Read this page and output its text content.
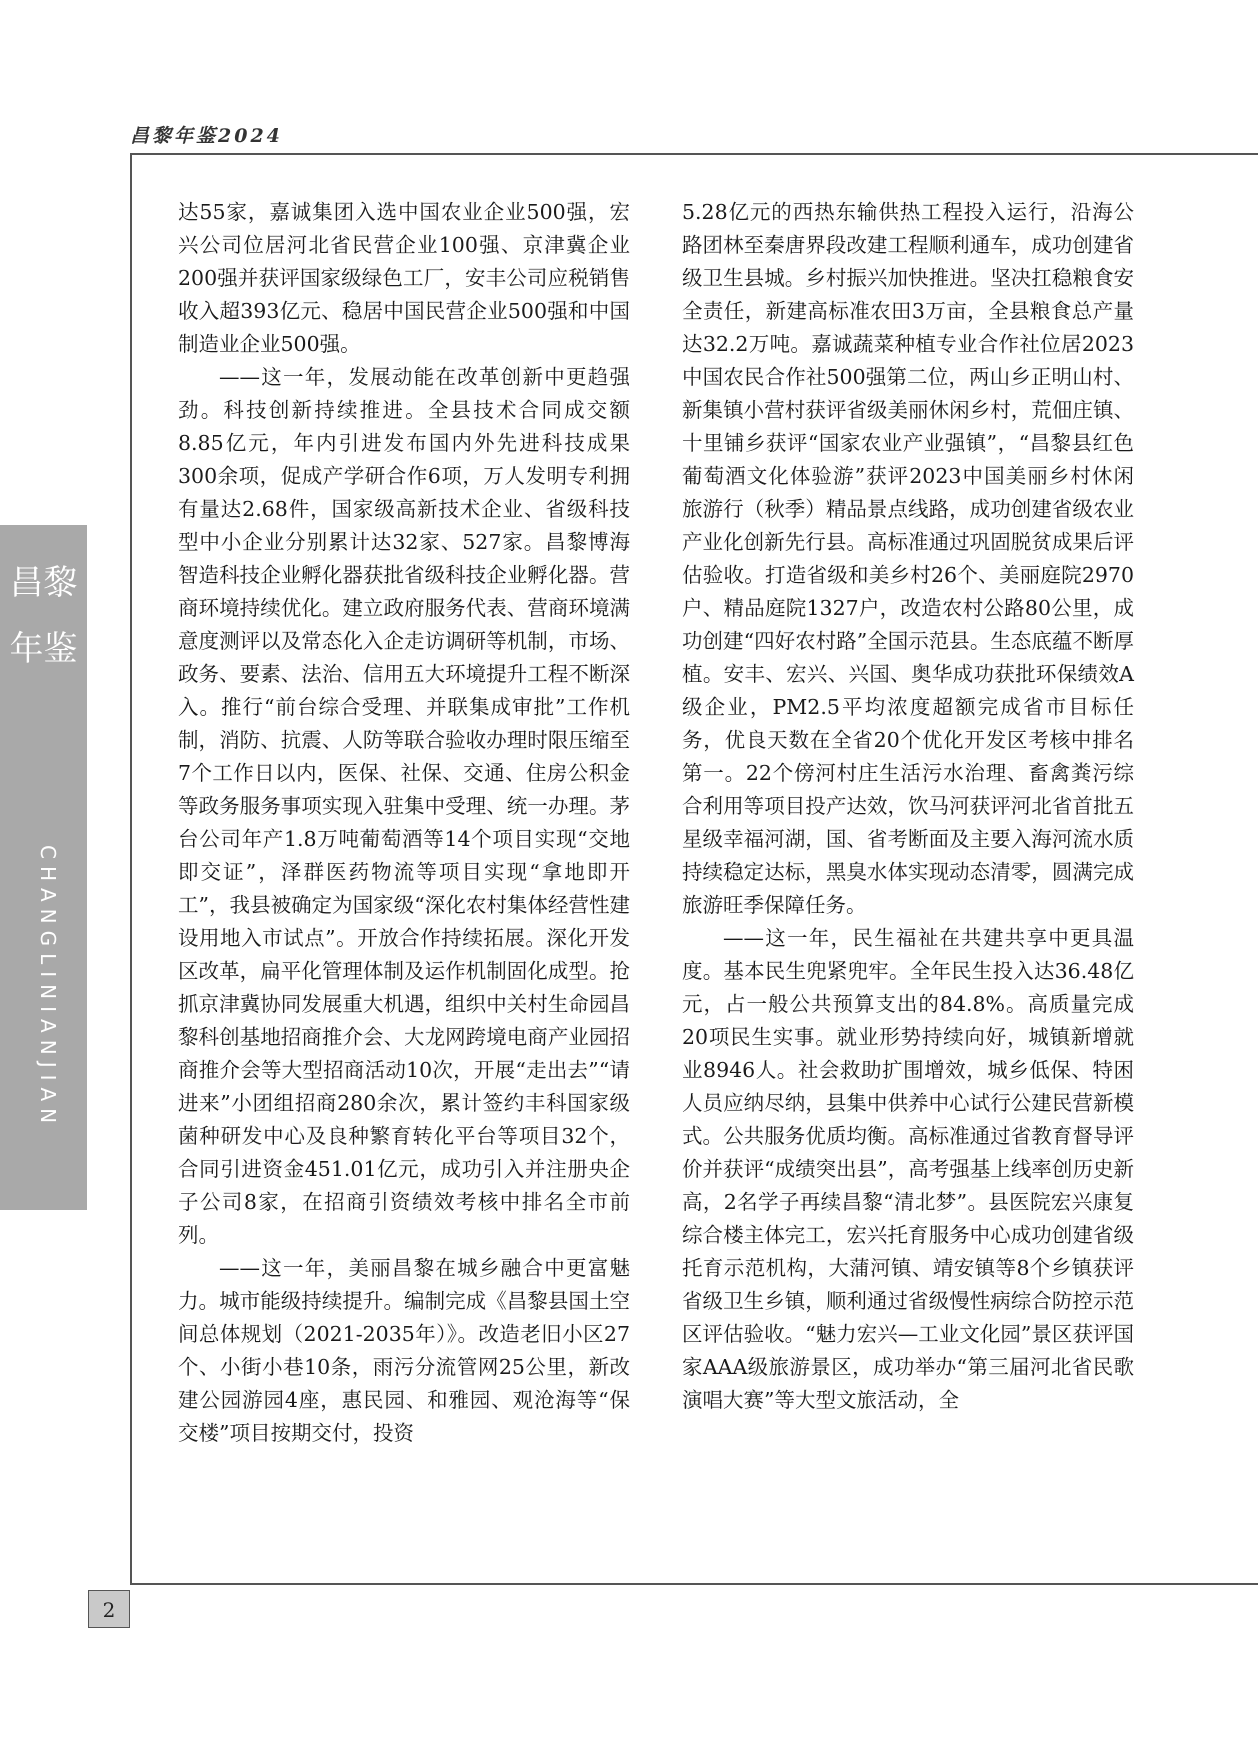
昌黎年鉴2024
昌黎年鉴
CHANGLINIANJIAN

达55家，嘉诚集团入选中国农业企业500强，宏兴公司位居河北省民营企业100强、京津冀企业200强并获评国家级绿色工厂，安丰公司应税销售收入超393亿元、稳居中国民营企业500强和中国制造业企业500强。

——这一年，发展动能在改革创新中更趋强劲。科技创新持续推进。全县技术合同成交额8.85亿元，年内引进发布国内外先进科技成果300余项，促成产学研合作6项，万人发明专利拥有量达2.68件，国家级高新技术企业、省级科技型中小企业分别累计达32家、527家。昌黎博海智造科技企业孵化器获批省级科技企业孵化器。营商环境持续优化。建立政府服务代表、营商环境满意度测评以及常态化入企走访调研等机制，市场、政务、要素、法治、信用五大环境提升工程不断深入。推行“前台综合受理、并联集成审批”工作机制，消防、抗震、人防等联合验收办理时限压缩至7个工作日以内，医保、社保、交通、住房公积金等政务服务事项实现入驻集中受理、统一办理。茅台公司年产1.8万吨葡萄酒等14个项目实现“交地即交证”，泽群医药物流等项目实现“拿地即开工”，我县被确定为国家级“深化农村集体经营性建设用地入市试点”。开放合作持续拓展。深化开发区改革，扁平化管理体制及运作机制固化成型。抢抓京津冀协同发展重大机遇，组织中关村生命园昌黎科创基地招商推介会、大龙网跨境电商产业园招商推介会等大型招商活动10次，开展“走出去”“请进来”小团组招商280余次，累计签约丰科国家级菌种研发中心及良种繁育转化平台等项目32个，合同引进资金451.01亿元，成功引入并注册央企子公司8家，在招商引资绩效考核中排名全市前列。

——这一年，美丽昌黎在城乡融合中更富魅力。城市能级持续提升。编制完成《昌黎县国土空间总体规划（2021-2035年）》。改造老旧小区27个、小街小巷10条，雨污分流管网25公里，新改建公园游园4座，惠民园、和雅园、观沧海等“保交楼”项目按期交付，投资

5.28亿元的西热东输供热工程投入运行，沿海公路团林至秦唐界段改建工程顺利通车，成功创建省级卫生县城。乡村振兴加快推进。坚决扛稳粮食安全责任，新建高标准农田3万亩，全县粮食总产量达32.2万吨。嘉诚蔬菜种植专业合作社位居2023中国农民合作社500强第二位，两山乡正明山村、新集镇小营村获评省级美丽休闲乡村，荒佃庄镇、十里铺乡获评“国家农业产业强镇”，“昌黎县红色葡萄酒文化体验游”获评2023中国美丽乡村休闲旅游行（秋季）精品景点线路，成功创建省级农业产业化创新先行县。高标准通过巩固脱贫成果后评估验收。打造省级和美乡村26个、美丽庭院2970户、精品庭院1327户，改造农村公路80公里，成功创建“四好农村路”全国示范县。生态底蕴不断厚植。安丰、宏兴、兴国、奥华成功获批环保绩效A级企业，PM2.5平均浓度超额完成省市目标任务，优良天数在全省20个优化开发区考核中排名第一。22个傍河村庄生活污水治理、畜禽粪污综合利用等项目投产达效，饮马河获评河北省首批五星级幸福河湖，国、省考断面及主要入海河流水质持续稳定达标，黑臭水体实现动态清零，圆满完成旅游旺季保障任务。

——这一年，民生福祉在共建共享中更具温度。基本民生兜紧兜牢。全年民生投入达36.48亿元，占一般公共预算支出的84.8%。高质量完成20项民生实事。就业形势持续向好，城镇新增就业8946人。社会救助扩围增效，城乡低保、特困人员应纳尽纳，县集中供养中心试行公建民营新模式。公共服务优质均衡。高标准通过省教育督导评价并获评“成绩突出县”，高考强基上线率创历史新高，2名学子再续昌黎“清北梦”。县医院宏兴康复综合楼主体完工，宏兴托育服务中心成功创建省级托育示范机构，大蒲河镇、靖安镇等8个乡镇获评省级卫生乡镇，顺利通过省级慢性病综合防控示范区评估验收。“魅力宏兴—工业文化园”景区获评国家AAA级旅游景区，成功举办“第三届河北省民歌演唱大赛”等大型文旅活动，全

2
